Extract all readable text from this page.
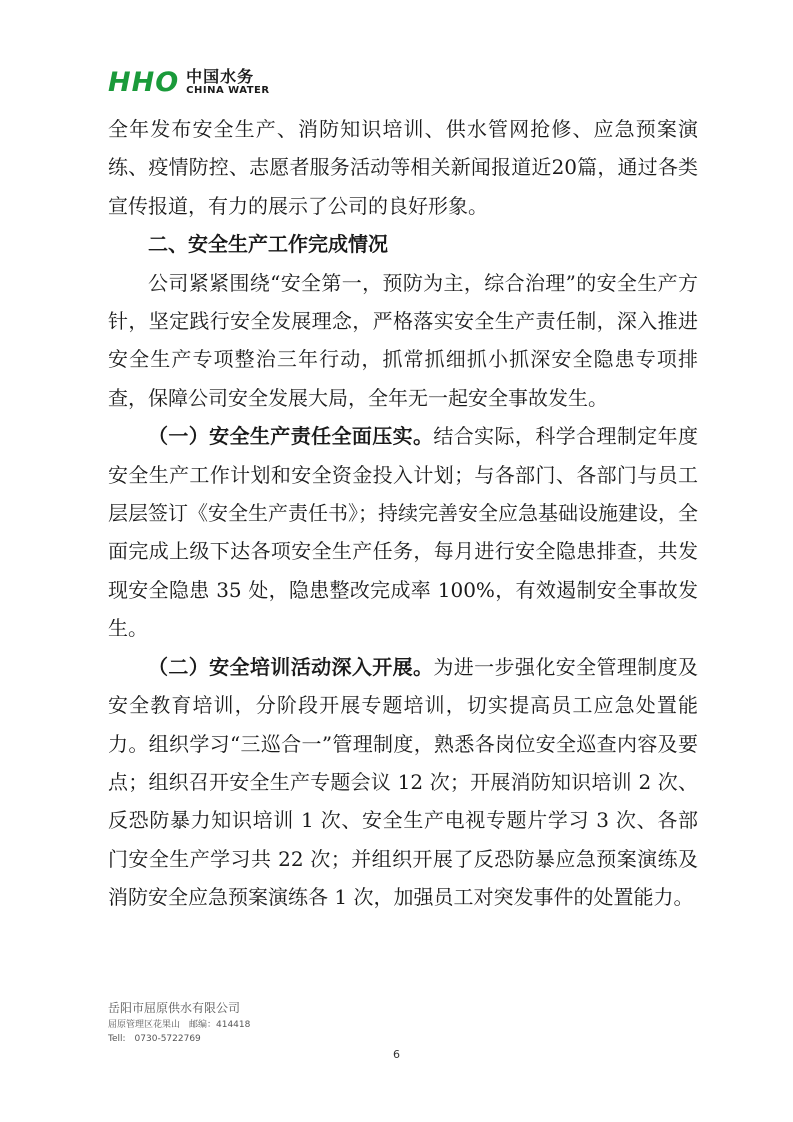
HHO 中国水务
CHINA WATER

全年发布安全生产、消防知识培训、供水管网抢修、应急预案演练、疫情防控、志愿者服务活动等相关新闻报道近20篇，通过各类宣传报道，有力的展示了公司的良好形象。

二、安全生产工作完成情况

公司紧紧围绕“安全第一，预防为主，综合治理”的安全生产方针，坚定践行安全发展理念，严格落实安全生产责任制，深入推进安全生产专项整治三年行动，抓常抓细抓小抓深安全隐患专项排查，保障公司安全发展大局，全年无一起安全事故发生。

（一）安全生产责任全面压实。结合实际，科学合理制定年度安全生产工作计划和安全资金投入计划；与各部门、各部门与员工层层签订《安全生产责任书》；持续完善安全应急基础设施建设，全面完成上级下达各项安全生产任务，每月进行安全隐患排查，共发现安全隐患 35 处，隐患整改完成率 100%，有效遏制安全事故发生。

（二）安全培训活动深入开展。为进一步强化安全管理制度及安全教育培训，分阶段开展专题培训，切实提高员工应急处置能力。组织学习“三巡合一”管理制度，熟悉各岗位安全巡查内容及要点；组织召开安全生产专题会议 12 次；开展消防知识培训 2 次、反恐防暴力知识培训 1 次、安全生产电视专题片学习 3 次、各部门安全生产学习共 22 次；并组织开展了反恐防暴应急预案演练及消防安全应急预案演练各 1 次，加强员工对突发事件的处置能力。

岳阳市屈原供水有限公司
屈原管理区花果山　邮编：414418
Tell:　0730-5722769
6
